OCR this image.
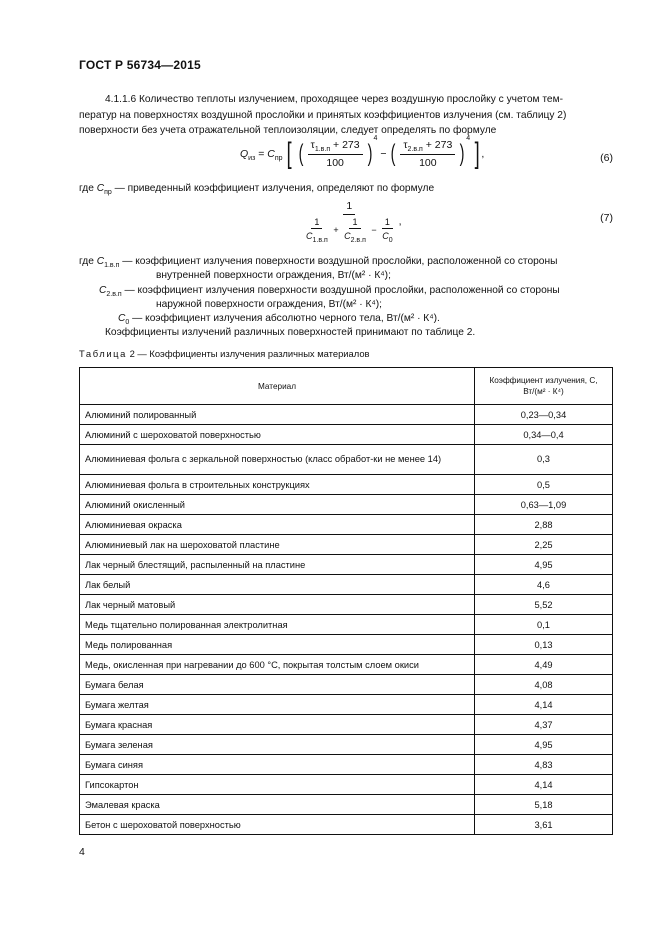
ГОСТ Р 56734—2015
4.1.1.6 Количество теплоты излучением, проходящее через воздушную прослойку с учетом тем-
ператур на поверхностях воздушной прослойки и принятых коэффициентов излучения (см. таблицу 2)
поверхности без учета отражательной теплоизоляции, следует определять по формуле
$Q_{из} = C_{пр}$ [ ( $\frac{\tau_{1.в.п} + 273}{100} )^4$ − ( $\frac{\tau_{2.в.п} + 273}{100} )^4$ ] ,	(6)
где $C_{пр}$ — приведенный коэффициент излучения, определяют по формуле
1
$\frac{1}{C_{1.в.п}} + \frac{1}{C_{2.в.п}} - \frac{1}{C_0}$ ,	(7)
где $C_{1.в.п}$ — коэффициент излучения поверхности воздушной прослойки, расположенной со стороны
внутренней поверхности ограждения, Вт/(м² · К⁴);
$C_{2.в.п}$ — коэффициент излучения поверхности воздушной прослойки, расположенной со стороны
наружной поверхности ограждения, Вт/(м² · К⁴);
$C_0$ — коэффициент излучения абсолютно черного тела, Вт/(м² · К⁴).
Коэффициенты излучений различных поверхностей принимают по таблице 2.
Таблица 2 — Коэффициенты излучения различных материалов
Материал	Коэффициент излучения, С,
Вт/(м² · К⁴)

Алюминий полированный	0,23—0,34
Алюминий с шероховатой поверхностью	0,34—0,4
Алюминиевая фольга с зеркальной поверхностью (класс обработ-ки не менее 14)	0,3
Алюминиевая фольга в строительных конструкциях	0,5
Алюминий окисленный	0,63—1,09
Алюминиевая окраска	2,88
Алюминиевый лак на шероховатой пластине	2,25
Лак черный блестящий, распыленный на пластине	4,95
Лак белый	4,6
Лак черный матовый	5,52
Медь тщательно полированная электролитная	0,1
Медь полированная	0,13
Медь, окисленная при нагревании до 600 °С, покрытая толстым слоем окиси	4,49
Бумага белая	4,08
Бумага желтая	4,14
Бумага красная	4,37
Бумага зеленая	4,95
Бумага синяя	4,83
Гипсокартон	4,14
Эмалевая краска	5,18
Бетон с шероховатой поверхностью	3,61
4
